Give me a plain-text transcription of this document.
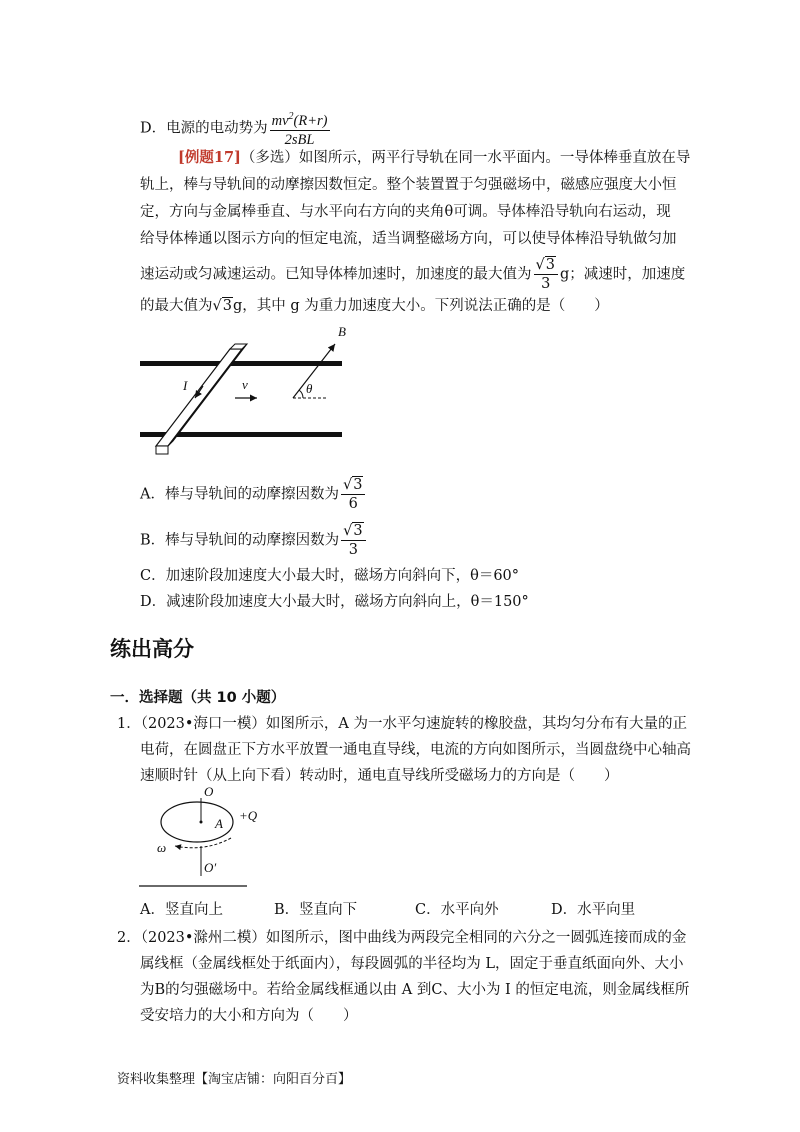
D．电源的电动势为 $\frac{mv^2(R+r)}{\text{2sBL}}$
[例题17]（多选）如图所示，两平行导轨在同一水平面内。一导体棒垂直放在导
轨上，棒与导轨间的动摩擦因数恒定。整个装置置于匀强磁场中，磁感应强度大小恒
定，方向与金属棒垂直、与水平向右方向的夹角θ可调。导体棒沿导轨向右运动，现
给导体棒通以图示方向的恒定电流，适当调整磁场方向，可以使导体棒沿导轨做匀加
速运动或匀减速运动。已知导体棒加速时，加速度的最大值为 $\frac{√3}{3}$ g；减速时，加速度
的最大值为√3g，其中 g 为重力加速度大小。下列说法正确的是（　　）
I	v
B
θ
A．棒与导轨间的动摩擦因数为 $\frac{√3}{6}$
B．棒与导轨间的动摩擦因数为 $\frac{√3}{3}$
C．加速阶段加速度大小最大时，磁场方向斜向下，θ＝60°
D．减速阶段加速度大小最大时，磁场方向斜向上，θ＝150°
练出高分
一．选择题（共 10 小题）
1．（2023•海口一模）如图所示，A 为一水平匀速旋转的橡胶盘，其均匀分布有大量的正
电荷，在圆盘正下方水平放置一通电直导线，电流的方向如图所示，当圆盘绕中心轴高
速顺时针（从上向下看）转动时，通电直导线所受磁场力的方向是（　　）
O
A
+Q
ω
O′
A．竖直向上	B．竖直向下	C．水平向外	D．水平向里
2．（2023•滁州二模）如图所示，图中曲线为两段完全相同的六分之一圆弧连接而成的金
属线框（金属线框处于纸面内），每段圆弧的半径均为 L，固定于垂直纸面向外、大小
为B的匀强磁场中。若给金属线框通以由 A 到C、大小为 I 的恒定电流，则金属线框所
受安培力的大小和方向为（　　）
资料收集整理【淘宝店铺：向阳百分百】
